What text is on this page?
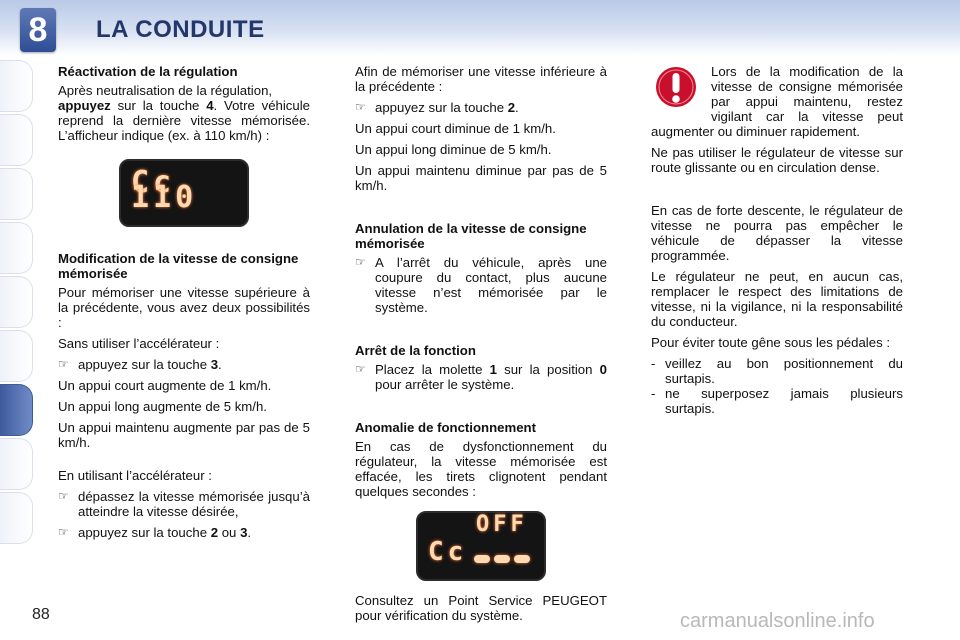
8	LA CONDUITE
Réactivation de la régulation

Après neutralisation de la régulation,
appuyez sur la touche 4. Votre véhicule reprend la dernière vitesse mémorisée. L’afficheur indique (ex. à 110 km/h) :

Cc 110
Modification de la vitesse de consigne mémorisée

Pour mémoriser une vitesse supérieure à la précédente, vous avez deux possibilités :

Sans utiliser l’accélérateur :

☞ appuyez sur la touche 3.

Un appui court augmente de 1 km/h.

Un appui long augmente de 5 km/h.

Un appui maintenu augmente par pas de 5 km/h.

En utilisant l’accélérateur :

☞ dépassez la vitesse mémorisée jusqu’à atteindre la vitesse désirée,
☞ appuyez sur la touche 2 ou 3.

Afin de mémoriser une vitesse inférieure à la précédente :

☞ appuyez sur la touche 2.

Un appui court diminue de 1 km/h.

Un appui long diminue de 5 km/h.

Un appui maintenu diminue par pas de 5 km/h.

Annulation de la vitesse de consigne mémorisée
☞ A l’arrêt du véhicule, après une coupure du contact, plus aucune vitesse n’est mémorisée par le système.
Arrêt de la fonction
☞ Placez la molette 1 sur la position 0 pour arrêter le système.
Anomalie de fonctionnement

En cas de dysfonctionnement du régulateur, la vitesse mémorisée est effacée, les tirets clignotent pendant quelques secondes :

OFF
Cc

Consultez un Point Service PEUGEOT pour vérification du système.

Lors de la modification de la vitesse de consigne mémorisée par appui maintenu, restez vigilant car la vitesse peut augmenter ou diminuer rapidement.

Ne pas utiliser le régulateur de vitesse sur route glissante ou en circulation dense.

En cas de forte descente, le régulateur de vitesse ne pourra pas empêcher le véhicule de dépasser la vitesse programmée.

Le régulateur ne peut, en aucun cas, remplacer le respect des limitations de vitesse, ni la vigilance, ni la responsabilité du conducteur.

Pour éviter toute gêne sous les pédales :

- veillez au bon positionnement du surtapis.
- ne superposez jamais plusieurs surtapis.
88	carmanualsonline.info
